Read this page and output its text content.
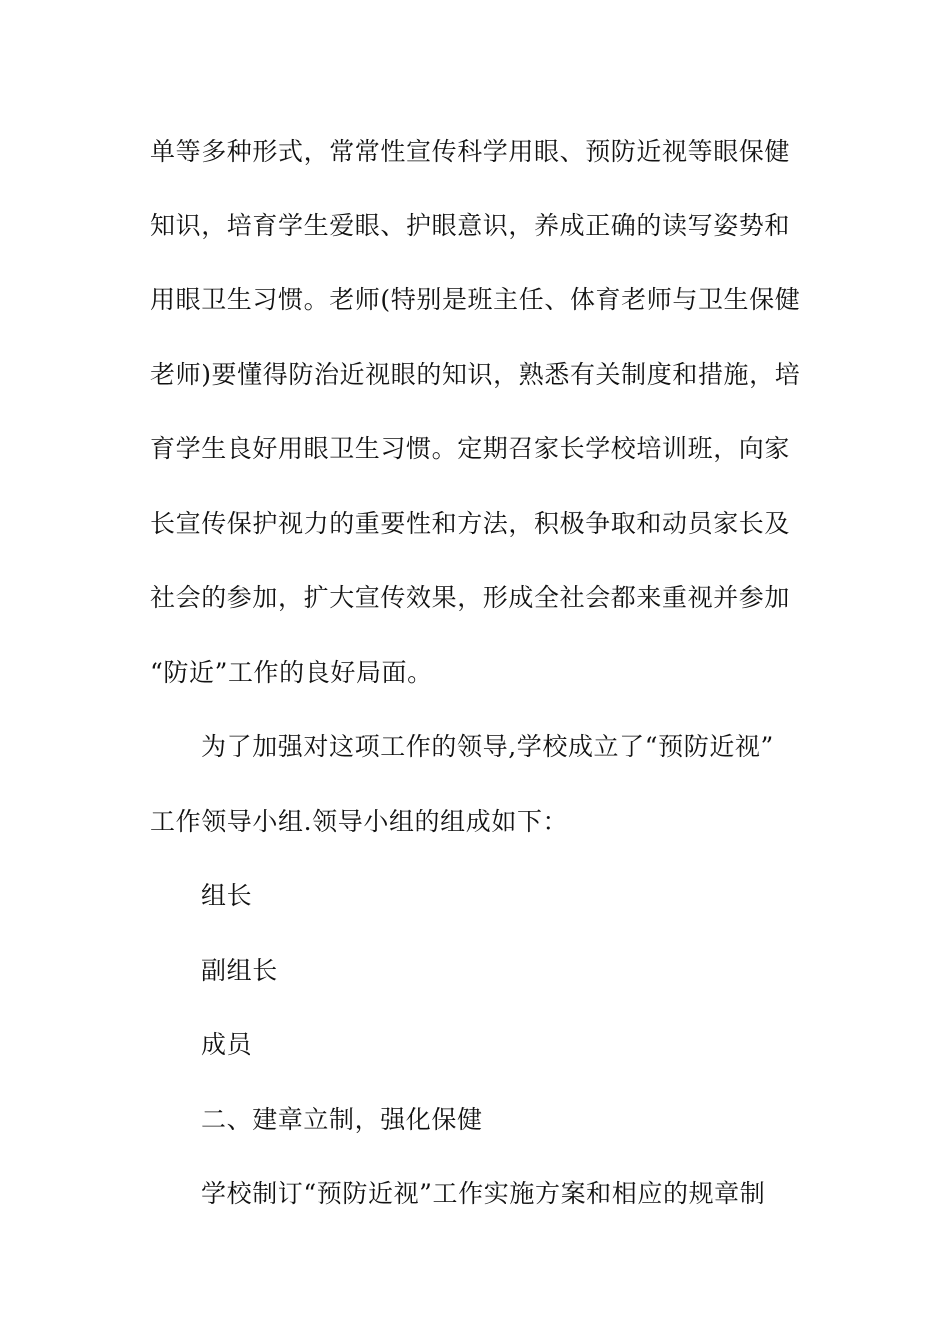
单等多种形式，常常性宣传科学用眼、预防近视等眼保健
知识，培育学生爱眼、护眼意识，养成正确的读写姿势和
用眼卫生习惯。老师(特别是班主任、体育老师与卫生保健
老师)要懂得防治近视眼的知识，熟悉有关制度和措施，培
育学生良好用眼卫生习惯。定期召家长学校培训班，向家
长宣传保护视力的重要性和方法，积极争取和动员家长及
社会的参加，扩大宣传效果，形成全社会都来重视并参加
“防近”工作的良好局面。
为了加强对这项工作的领导,学校成立了“预防近视”
工作领导小组.领导小组的组成如下：
组长
副组长
成员
二、建章立制，强化保健
学校制订“预防近视”工作实施方案和相应的规章制
